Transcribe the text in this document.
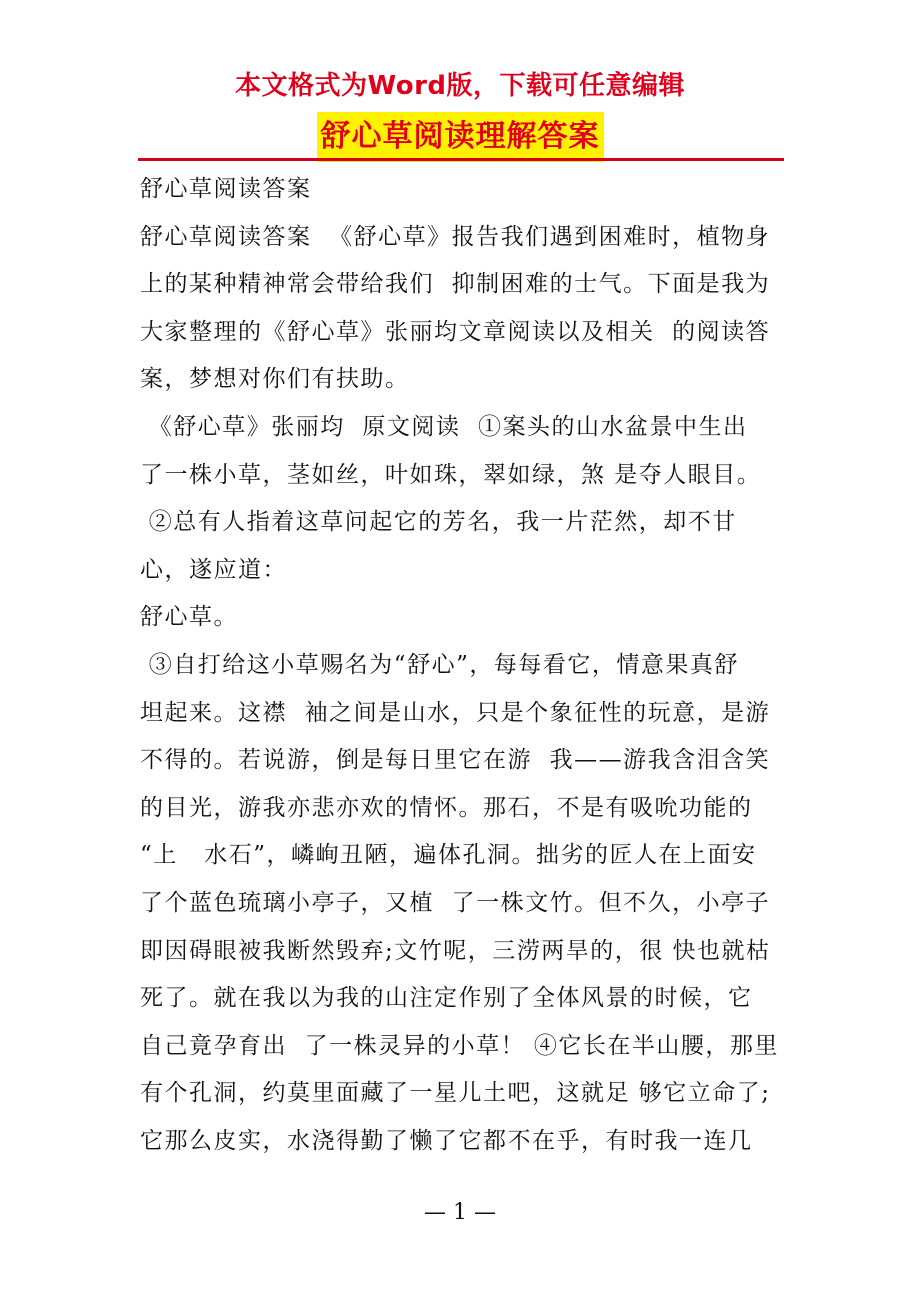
本文格式为Word版，下载可任意编辑
舒心草阅读理解答案
舒心草阅读答案
舒心草阅读答案  《舒心草》报告我们遇到困难时，植物身
上的某种精神常会带给我们  抑制困难的士气。下面是我为
大家整理的《舒心草》张丽均文章阅读以及相关  的阅读答
案，梦想对你们有扶助。
《舒心草》张丽均  原文阅读  ①案头的山水盆景中生出
了一株小草，茎如丝，叶如珠，翠如绿，煞 是夺人眼目。
②总有人指着这草问起它的芳名，我一片茫然，却不甘
心，遂应道：
舒心草。
③自打给这小草赐名为“舒心”，每每看它，情意果真舒
坦起来。这襟  袖之间是山水，只是个象征性的玩意，是游
不得的。若说游，倒是每日里它在游  我——游我含泪含笑
的目光，游我亦悲亦欢的情怀。那石，不是有吸吮功能的
“上   水石”，嶙峋丑陋，遍体孔洞。拙劣的匠人在上面安
了个蓝色琉璃小亭子，又植  了一株文竹。但不久，小亭子
即因碍眼被我断然毁弃;文竹呢，三涝两旱的，很 快也就枯
死了。就在我以为我的山注定作别了全体风景的时候，它
自己竟孕育出  了一株灵异的小草！ ④它长在半山腰，那里
有个孔洞，约莫里面藏了一星儿土吧，这就足 够它立命了;
它那么皮实，水浇得勤了懒了它都不在乎，有时我一连几
— 1 —
